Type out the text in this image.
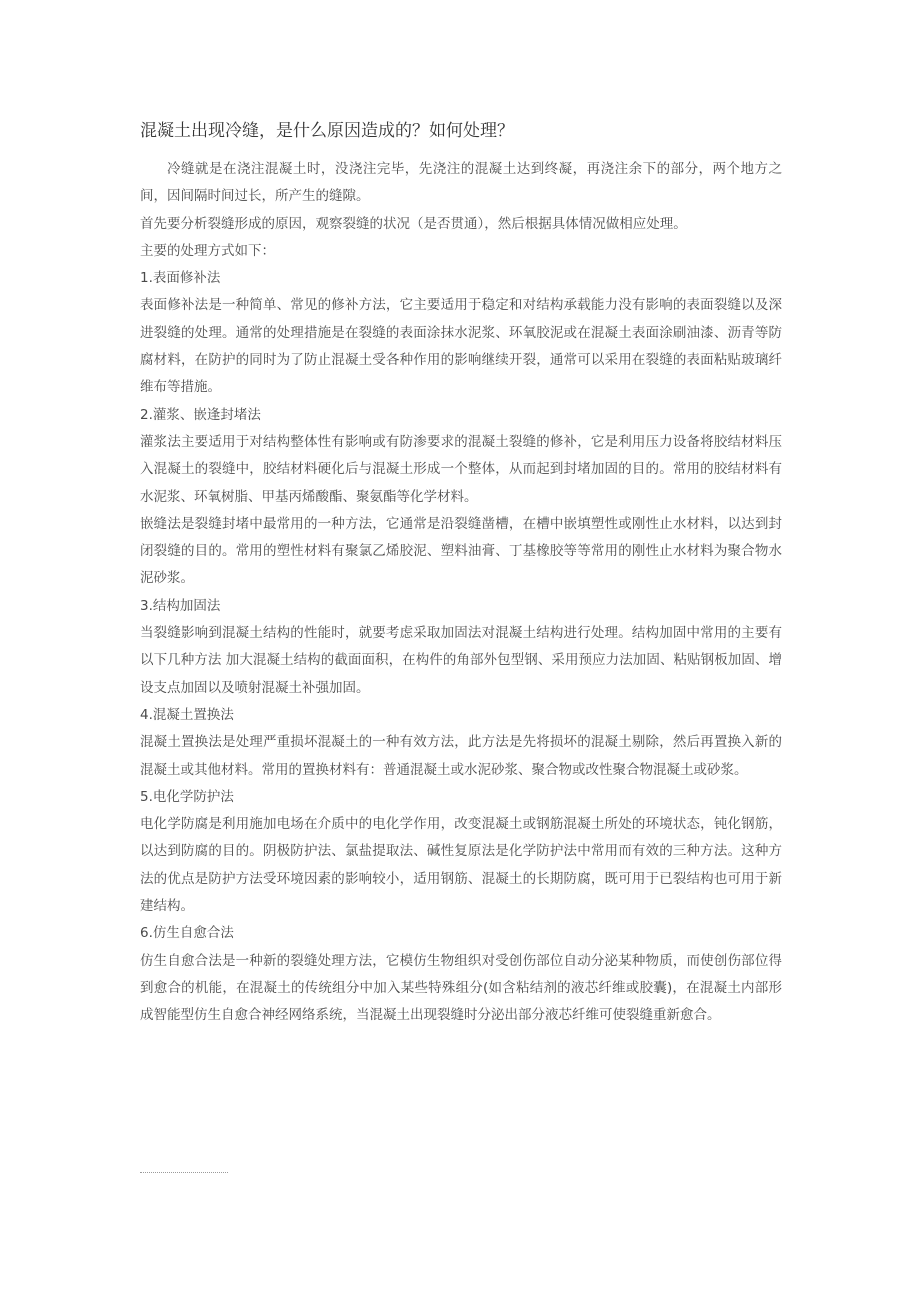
混凝土出现冷缝，是什么原因造成的？如何处理？

冷缝就是在浇注混凝土时，没浇注完毕，先浇注的混凝土达到终凝，再浇注余下的部分，两个地方之间，因间隔时间过长，所产生的缝隙。

首先要分析裂缝形成的原因，观察裂缝的状况（是否贯通），然后根据具体情况做相应处理。

主要的处理方式如下：

1.表面修补法

表面修补法是一种简单、常见的修补方法，它主要适用于稳定和对结构承载能力没有影响的表面裂缝以及深进裂缝的处理。通常的处理措施是在裂缝的表面涂抹水泥浆、环氧胶泥或在混凝土表面涂刷油漆、沥青等防腐材料，在防护的同时为了防止混凝土受各种作用的影响继续开裂，通常可以采用在裂缝的表面粘贴玻璃纤维布等措施。

2.灌浆、嵌逢封堵法

灌浆法主要适用于对结构整体性有影响或有防渗要求的混凝土裂缝的修补，它是利用压力设备将胶结材料压入混凝土的裂缝中，胶结材料硬化后与混凝土形成一个整体，从而起到封堵加固的目的。常用的胶结材料有水泥浆、环氧树脂、甲基丙烯酸酯、聚氨酯等化学材料。

嵌缝法是裂缝封堵中最常用的一种方法，它通常是沿裂缝凿槽，在槽中嵌填塑性或刚性止水材料，以达到封闭裂缝的目的。常用的塑性材料有聚氯乙烯胶泥、塑料油膏、丁基橡胶等等常用的刚性止水材料为聚合物水泥砂浆。

3.结构加固法

当裂缝影响到混凝土结构的性能时，就要考虑采取加固法对混凝土结构进行处理。结构加固中常用的主要有以下几种方法 加大混凝土结构的截面面积，在构件的角部外包型钢、采用预应力法加固、粘贴钢板加固、增设支点加固以及喷射混凝土补强加固。

4.混凝土置换法

混凝土置换法是处理严重损坏混凝土的一种有效方法，此方法是先将损坏的混凝土剔除，然后再置换入新的混凝土或其他材料。常用的置换材料有：普通混凝土或水泥砂浆、聚合物或改性聚合物混凝土或砂浆。

5.电化学防护法

电化学防腐是利用施加电场在介质中的电化学作用，改变混凝土或钢筋混凝土所处的环境状态，钝化钢筋，以达到防腐的目的。阴极防护法、氯盐提取法、碱性复原法是化学防护法中常用而有效的三种方法。这种方法的优点是防护方法受环境因素的影响较小，适用钢筋、混凝土的长期防腐，既可用于已裂结构也可用于新建结构。

6.仿生自愈合法

仿生自愈合法是一种新的裂缝处理方法，它模仿生物组织对受创伤部位自动分泌某种物质，而使创伤部位得到愈合的机能，在混凝土的传统组分中加入某些特殊组分(如含粘结剂的液芯纤维或胶囊)，在混凝土内部形成智能型仿生自愈合神经网络系统，当混凝土出现裂缝时分泌出部分液芯纤维可使裂缝重新愈合。
